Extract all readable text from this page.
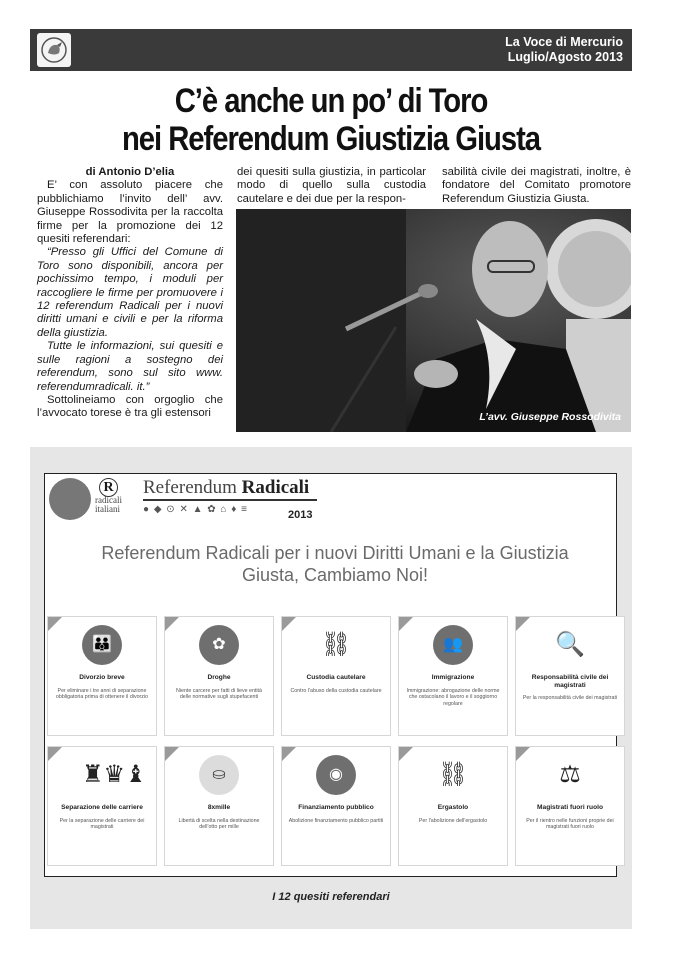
La Voce di Mercurio
Luglio/Agosto 2013
C’è anche un po’ di Toro
nei Referendum Giustizia Giusta

di Antonio D’elia

E’ con assoluto piacere che pubblichiamo l’invito dell’ avv. Giuseppe Rossodivita per la raccolta firme per la promozione dei 12 quesiti referendari:

“Presso gli Uffici del Comune di Toro sono disponibili, ancora per pochissimo tempo, i moduli per raccogliere le firme per promuovere i 12 referendum Radicali per i nuovi diritti umani e civili e per la riforma della giustizia.

Tutte le informazioni, sui quesiti e sulle ragioni a sostegno dei referendum, sono sul sito www. referendumradicali. it.”

Sottolineiamo con orgoglio che l’avvocato torese è tra gli estensori

dei quesiti sulla giustizia, in particolar modo di quello sulla custodia cautelare e dei due per la respon-

sabilità civile dei magistrati, inoltre, è fondatore del Comitato promotore Referendum Giustizia Giusta.

L’avv. Giuseppe Rossodivita
R
radicali
italiani
Referendum Radicali
● ◆ ⊙ ✕ ▲ ✿ ⌂ ♦ ≡	2013
Referendum Radicali per i nuovi Diritti Umani e la Giustizia Giusta, Cambiamo Noi!
👪
Divorzio breve
Per eliminare i tre anni di separazione obbligatoria prima di ottenere il divorzio
✿
Droghe
Niente carcere per fatti di lieve entità delle normative sugli stupefacenti
⛓
Custodia cautelare
Contro l'abuso della custodia cautelare
👥
Immigrazione
Immigrazione: abrogazione delle norme che ostacolano il lavoro e il soggiorno regolare
🔍
Responsabilità civile dei magistrati
Per la responsabilità civile dei magistrati
♜♛♝
Separazione delle carriere
Per la separazione delle carriere dei magistrati
⛀
8xmille
Libertà di scelta nella destinazione dell'otto per mille
◉
Finanziamento pubblico
Abolizione finanziamento pubblico partiti
⛓
Ergastolo
Per l'abolizione dell'ergastolo
⚖
Magistrati fuori ruolo
Per il rientro nelle funzioni proprie dei magistrati fuori ruolo
I 12 quesiti referendari
